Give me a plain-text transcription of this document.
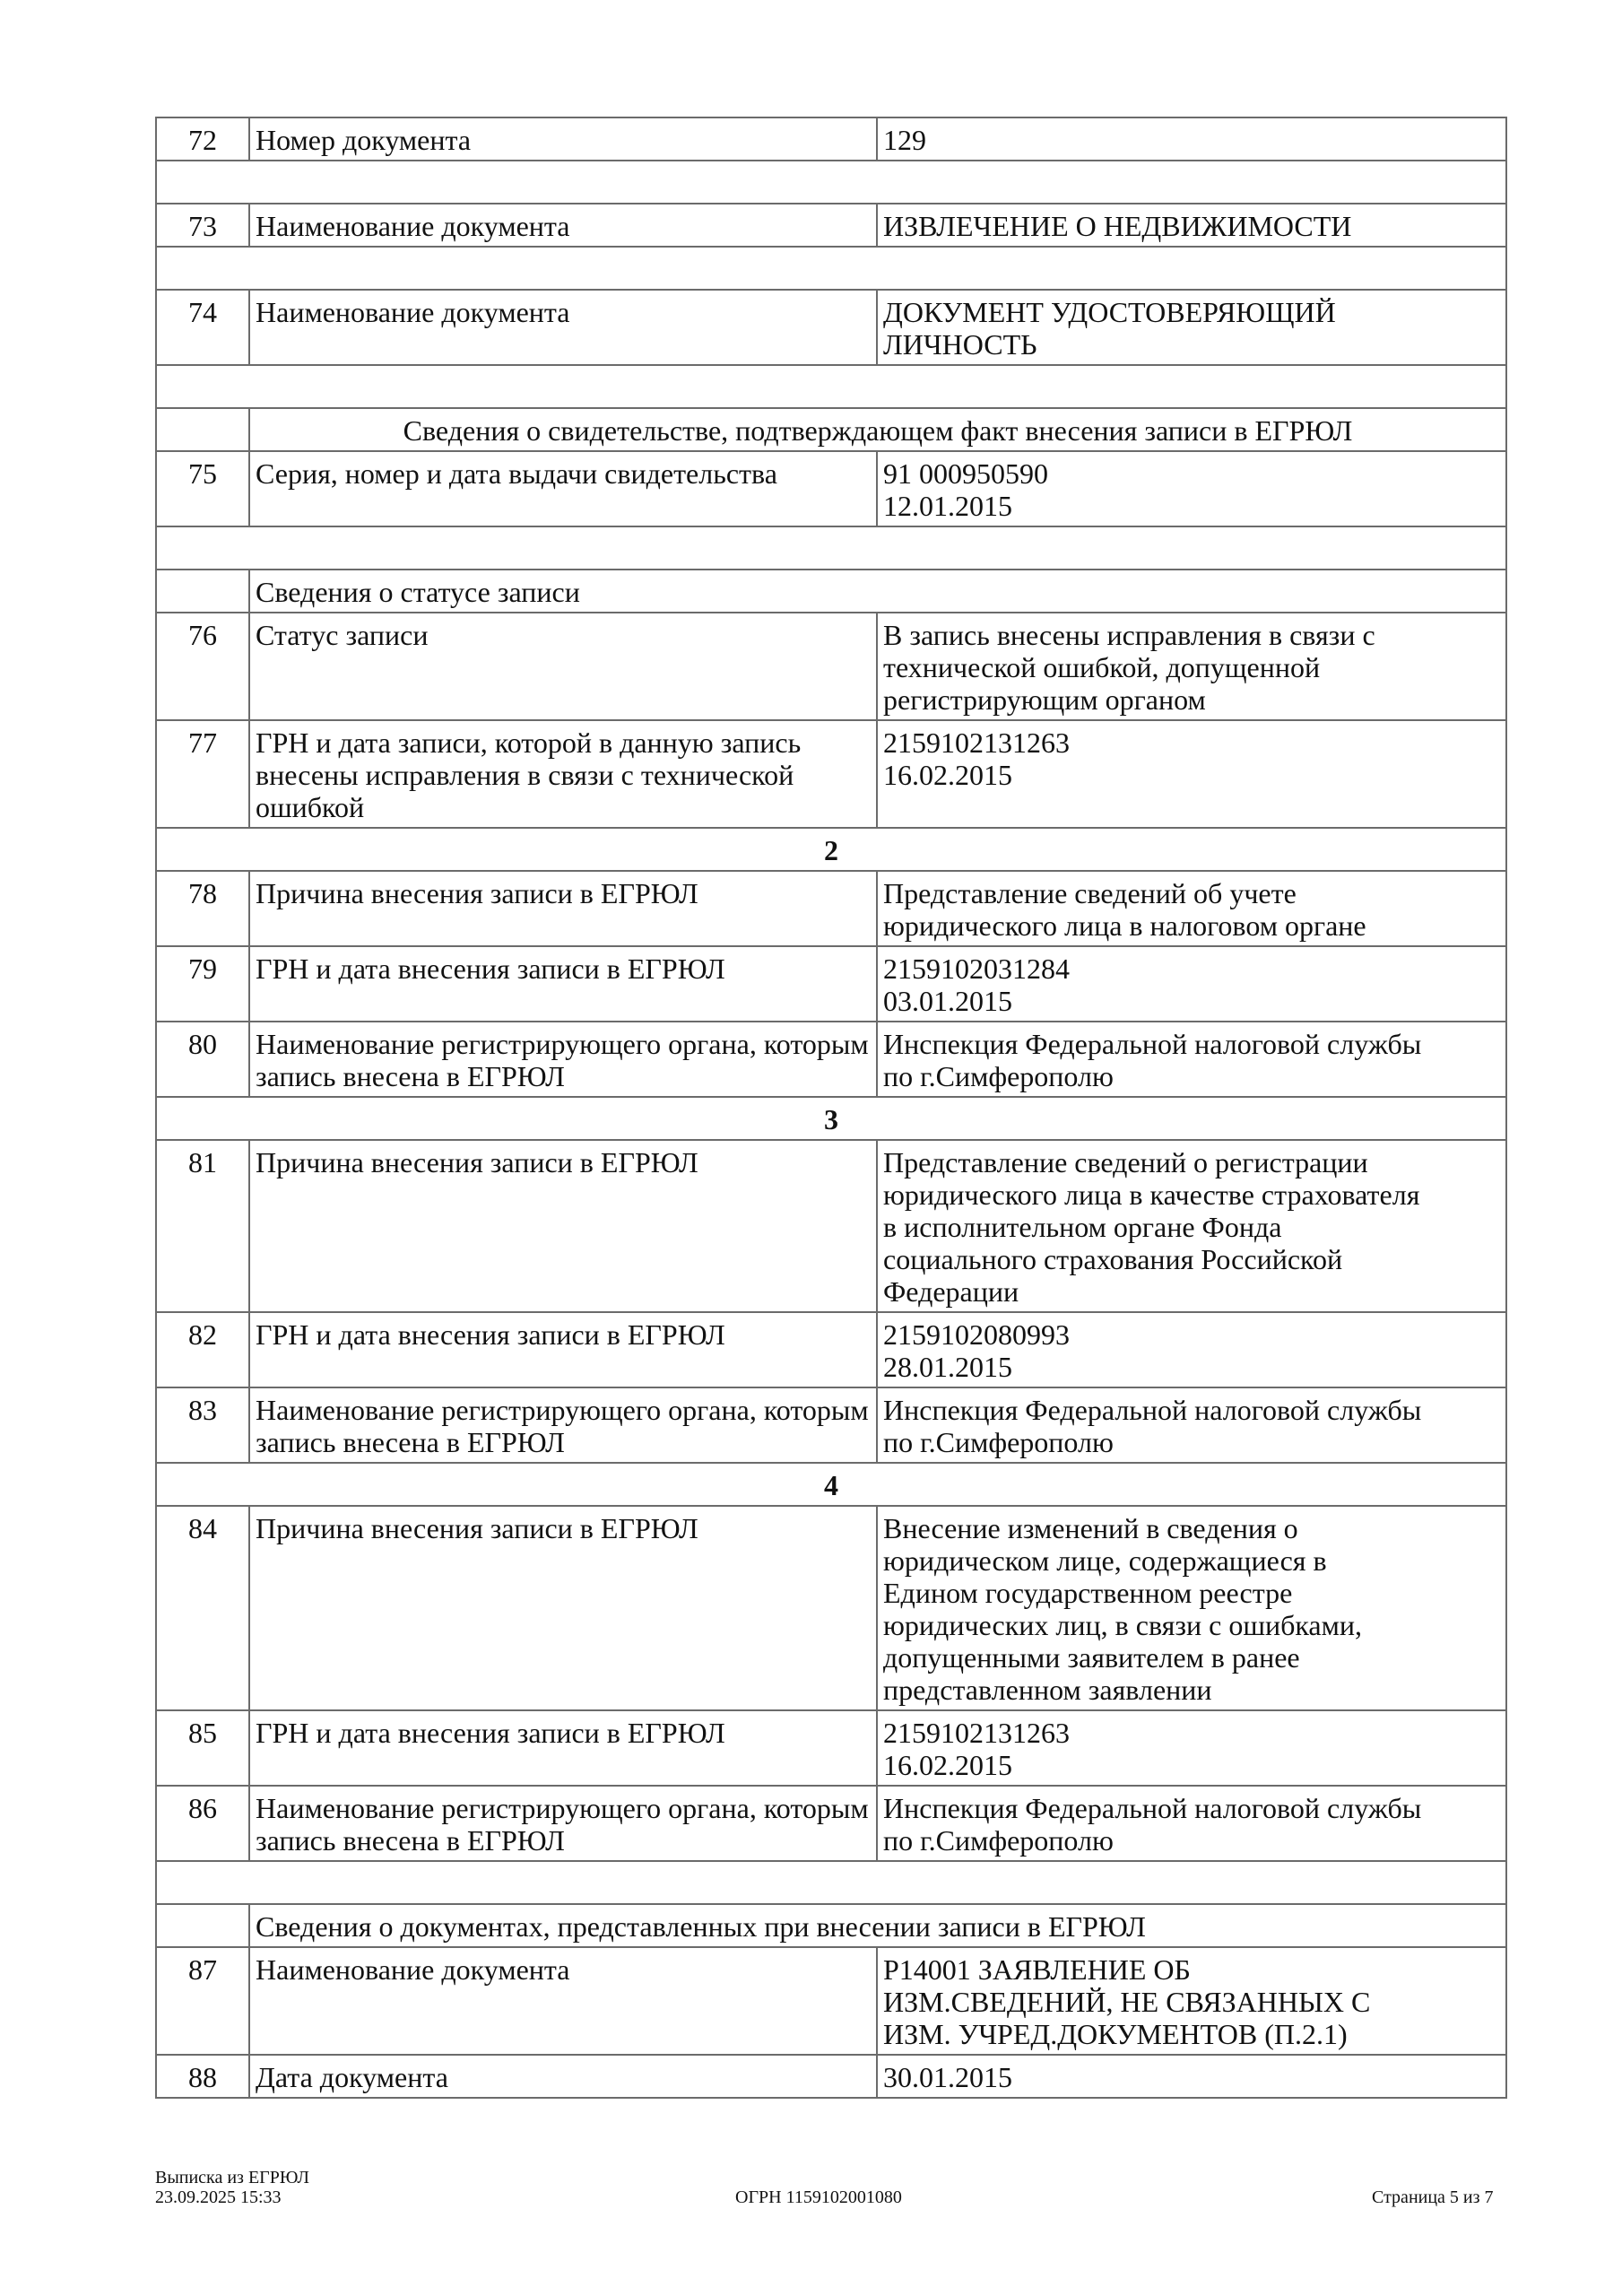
72	Номер документа	129

73	Наименование документа	ИЗВЛЕЧЕНИЕ О НЕДВИЖИМОСТИ

74	Наименование документа	ДОКУМЕНТ УДОСТОВЕРЯЮЩИЙ
ЛИЧНОСТЬ

	Сведения о свидетельстве, подтверждающем факт внесения записи в ЕГРЮЛ	
75	Серия, номер и дата выдачи свидетельства	91 000950590
12.01.2015

	Сведения о статусе записи	
76	Статус записи	В запись внесены исправления в связи с
технической ошибкой, допущенной
регистрирующим органом

77	ГРН и дата записи, которой в данную запись внесены исправления в связи с технической ошибкой	2159102131263
16.02.2015

2		
78	Причина внесения записи в ЕГРЮЛ	Представление сведений об учете
юридического лица в налоговом органе

79	ГРН и дата внесения записи в ЕГРЮЛ	2159102031284
03.01.2015

80	Наименование регистрирующего органа, которым запись внесена в ЕГРЮЛ	Инспекция Федеральной налоговой службы
по г.Симферополю

3		
81	Причина внесения записи в ЕГРЮЛ	Представление сведений о регистрации
юридического лица в качестве страхователя
в исполнительном органе Фонда
социального страхования Российской
Федерации

82	ГРН и дата внесения записи в ЕГРЮЛ	2159102080993
28.01.2015

83	Наименование регистрирующего органа, которым запись внесена в ЕГРЮЛ	Инспекция Федеральной налоговой службы
по г.Симферополю

4		
84	Причина внесения записи в ЕГРЮЛ	Внесение изменений в сведения о
юридическом лице, содержащиеся в
Едином государственном реестре
юридических лиц, в связи с ошибками,
допущенными заявителем в ранее
представленном заявлении

85	ГРН и дата внесения записи в ЕГРЮЛ	2159102131263
16.02.2015

86	Наименование регистрирующего органа, которым запись внесена в ЕГРЮЛ	Инспекция Федеральной налоговой службы
по г.Симферополю

	Сведения о документах, представленных при внесении записи в ЕГРЮЛ	
87	Наименование документа	Р14001 ЗАЯВЛЕНИЕ ОБ
ИЗМ.СВЕДЕНИЙ, НЕ СВЯЗАННЫХ С
ИЗМ. УЧРЕД.ДОКУМЕНТОВ (П.2.1)

88	Дата документа	30.01.2015
Выписка из ЕГРЮЛ
23.09.2025 15:33	ОГРН 1159102001080	Страница 5 из 7
